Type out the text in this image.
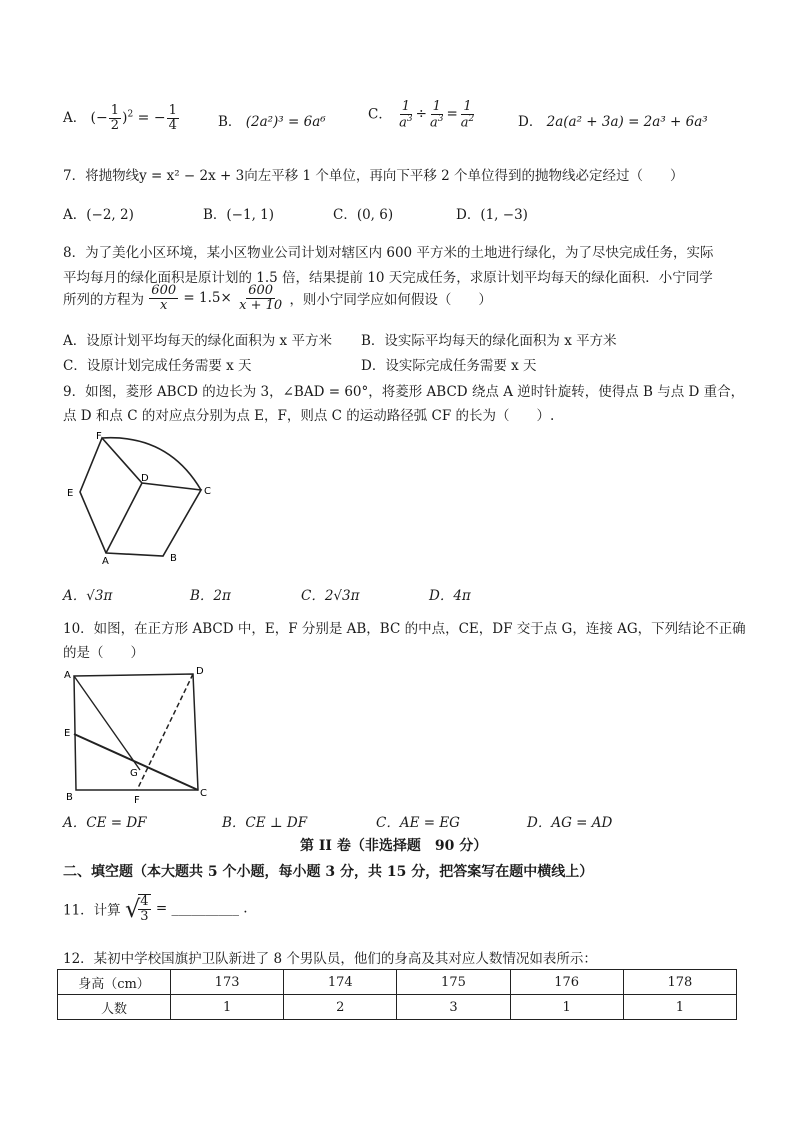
A． (− $\frac{1}{2} )^2$ = − $\frac{1}{4}$	B． (2a²)³ = 6a⁶	C． $\frac{1}{a^3} \div \frac{1}{a^3} = \frac{1}{a^2}$	D． 2a(a² + 3a) = 2a³ + 6a³
7．将抛物线y = x² − 2x + 3向左平移 1 个单位，再向下平移 2 个单位得到的抛物线必定经过（　　）
A．(−2, 2)	B．(−1, 1)	C．(0, 6)	D．(1, −3)
8．为了美化小区环境，某小区物业公司计划对辖区内 600 平方米的土地进行绿化，为了尽快完成任务，实际
平均每月的绿化面积是原计划的 1.5 倍，结果提前 10 天完成任务，求原计划平均每天的绿化面积．小宁同学
所列的方程为 $\frac{600}{x} = 1.5\times \frac{600}{x + 10}$ ，则小宁同学应如何假设（　　）
A．设原计划平均每天的绿化面积为 x 平方米 B．设实际平均每天的绿化面积为 x 平方米
C．设原计划完成任务需要 x 天	D．设实际完成任务需要 x 天
9．如图，菱形 ABCD 的边长为 3，∠BAD = 60°，将菱形 ABCD 绕点 A 逆时针旋转，使得点 B 与点 D 重合，
点 D 和点 C 的对应点分别为点 E，F，则点 C 的运动路径弧 CF 的长为（　　）.
F
E
D
C
A	B
A．√3π	B．2π	C．2√3π	D．4π
10．如图，在正方形 ABCD 中，E，F 分别是 AB，BC 的中点，CE，DF 交于点 G，连接 AG，下列结论不正确
的是（　　）
A	D
E
G
B	F
C
A．CE = DF	B．CE ⊥ DF	C．AE = EG	D．AG = AD
第 II 卷（非选择题　90 分）
二、填空题（本大题共 5 个小题，每小题 3 分，共 15 分，把答案写在题中横线上）
11．计算 √
$\frac{4}{3}$ = __________ .
12．某初中学校国旗护卫队新进了 8 个男队员，他们的身高及其对应人数情况如表所示：
身高（cm）	173	174	175	176	178
人数	1	2	3	1	1
